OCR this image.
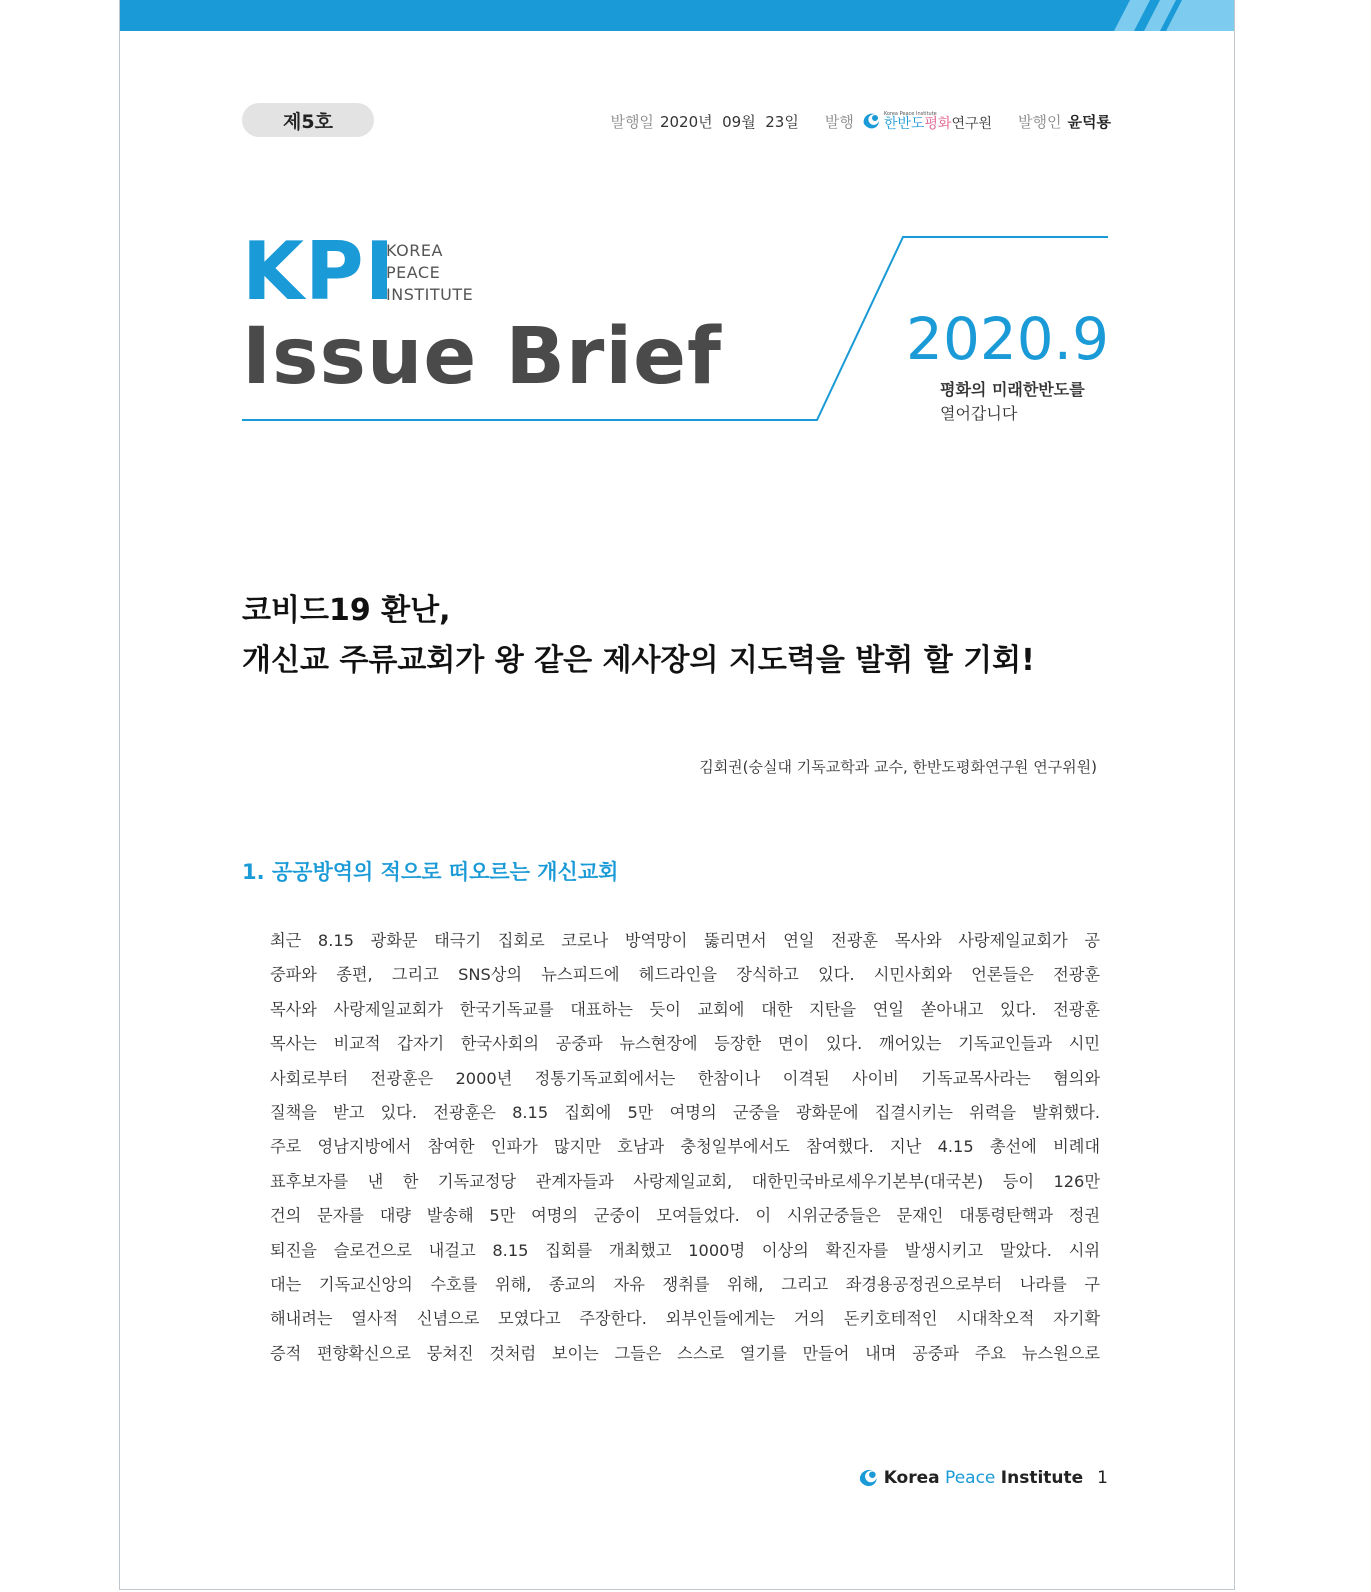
제5호	발행일 2020년  09월  23일 발행	Korea Peace Institute
한반도평화연구원 발행인 윤덕룡
KPI
KOREA
PEACE
INSTITUTE
Issue Brief	2020.9
평화의 미래한반도를
열어갑니다
코비드19 환난,
개신교 주류교회가 왕 같은 제사장의 지도력을 발휘 할 기회!
김회권(숭실대 기독교학과 교수, 한반도평화연구원 연구위원)
1. 공공방역의 적으로 떠오르는 개신교회
최근 8.15 광화문 태극기 집회로 코로나 방역망이 뚫리면서 연일 전광훈 목사와 사랑제일교회가 공
중파와 종편, 그리고 SNS상의 뉴스피드에 헤드라인을 장식하고 있다. 시민사회와 언론들은 전광훈
목사와 사랑제일교회가 한국기독교를 대표하는 듯이 교회에 대한 지탄을 연일 쏟아내고 있다. 전광훈
목사는 비교적 갑자기 한국사회의 공중파 뉴스현장에 등장한 면이 있다. 깨어있는 기독교인들과 시민
사회로부터 전광훈은 2000년 정통기독교회에서는 한참이나 이격된 사이비 기독교목사라는 혐의와
질책을 받고 있다. 전광훈은 8.15 집회에 5만 여명의 군중을 광화문에 집결시키는 위력을 발휘했다.
주로 영남지방에서 참여한 인파가 많지만 호남과 충청일부에서도 참여했다. 지난 4.15 총선에 비례대
표후보자를 낸 한 기독교정당 관계자들과 사랑제일교회, 대한민국바로세우기본부(대국본) 등이 126만
건의 문자를 대량 발송해 5만 여명의 군중이 모여들었다. 이 시위군중들은 문재인 대통령탄핵과 정권
퇴진을 슬로건으로 내걸고 8.15 집회를 개최했고 1000명 이상의 확진자를 발생시키고 말았다. 시위
대는 기독교신앙의 수호를 위해, 종교의 자유 쟁취를 위해, 그리고 좌경용공정권으로부터 나라를 구
해내려는 열사적 신념으로 모였다고 주장한다. 외부인들에게는 거의 돈키호테적인 시대착오적 자기확
증적 편향확신으로 뭉쳐진 것처럼 보이는 그들은 스스로 열기를 만들어 내며 공중파 주요 뉴스원으로
Korea
Peace
Institute 1
